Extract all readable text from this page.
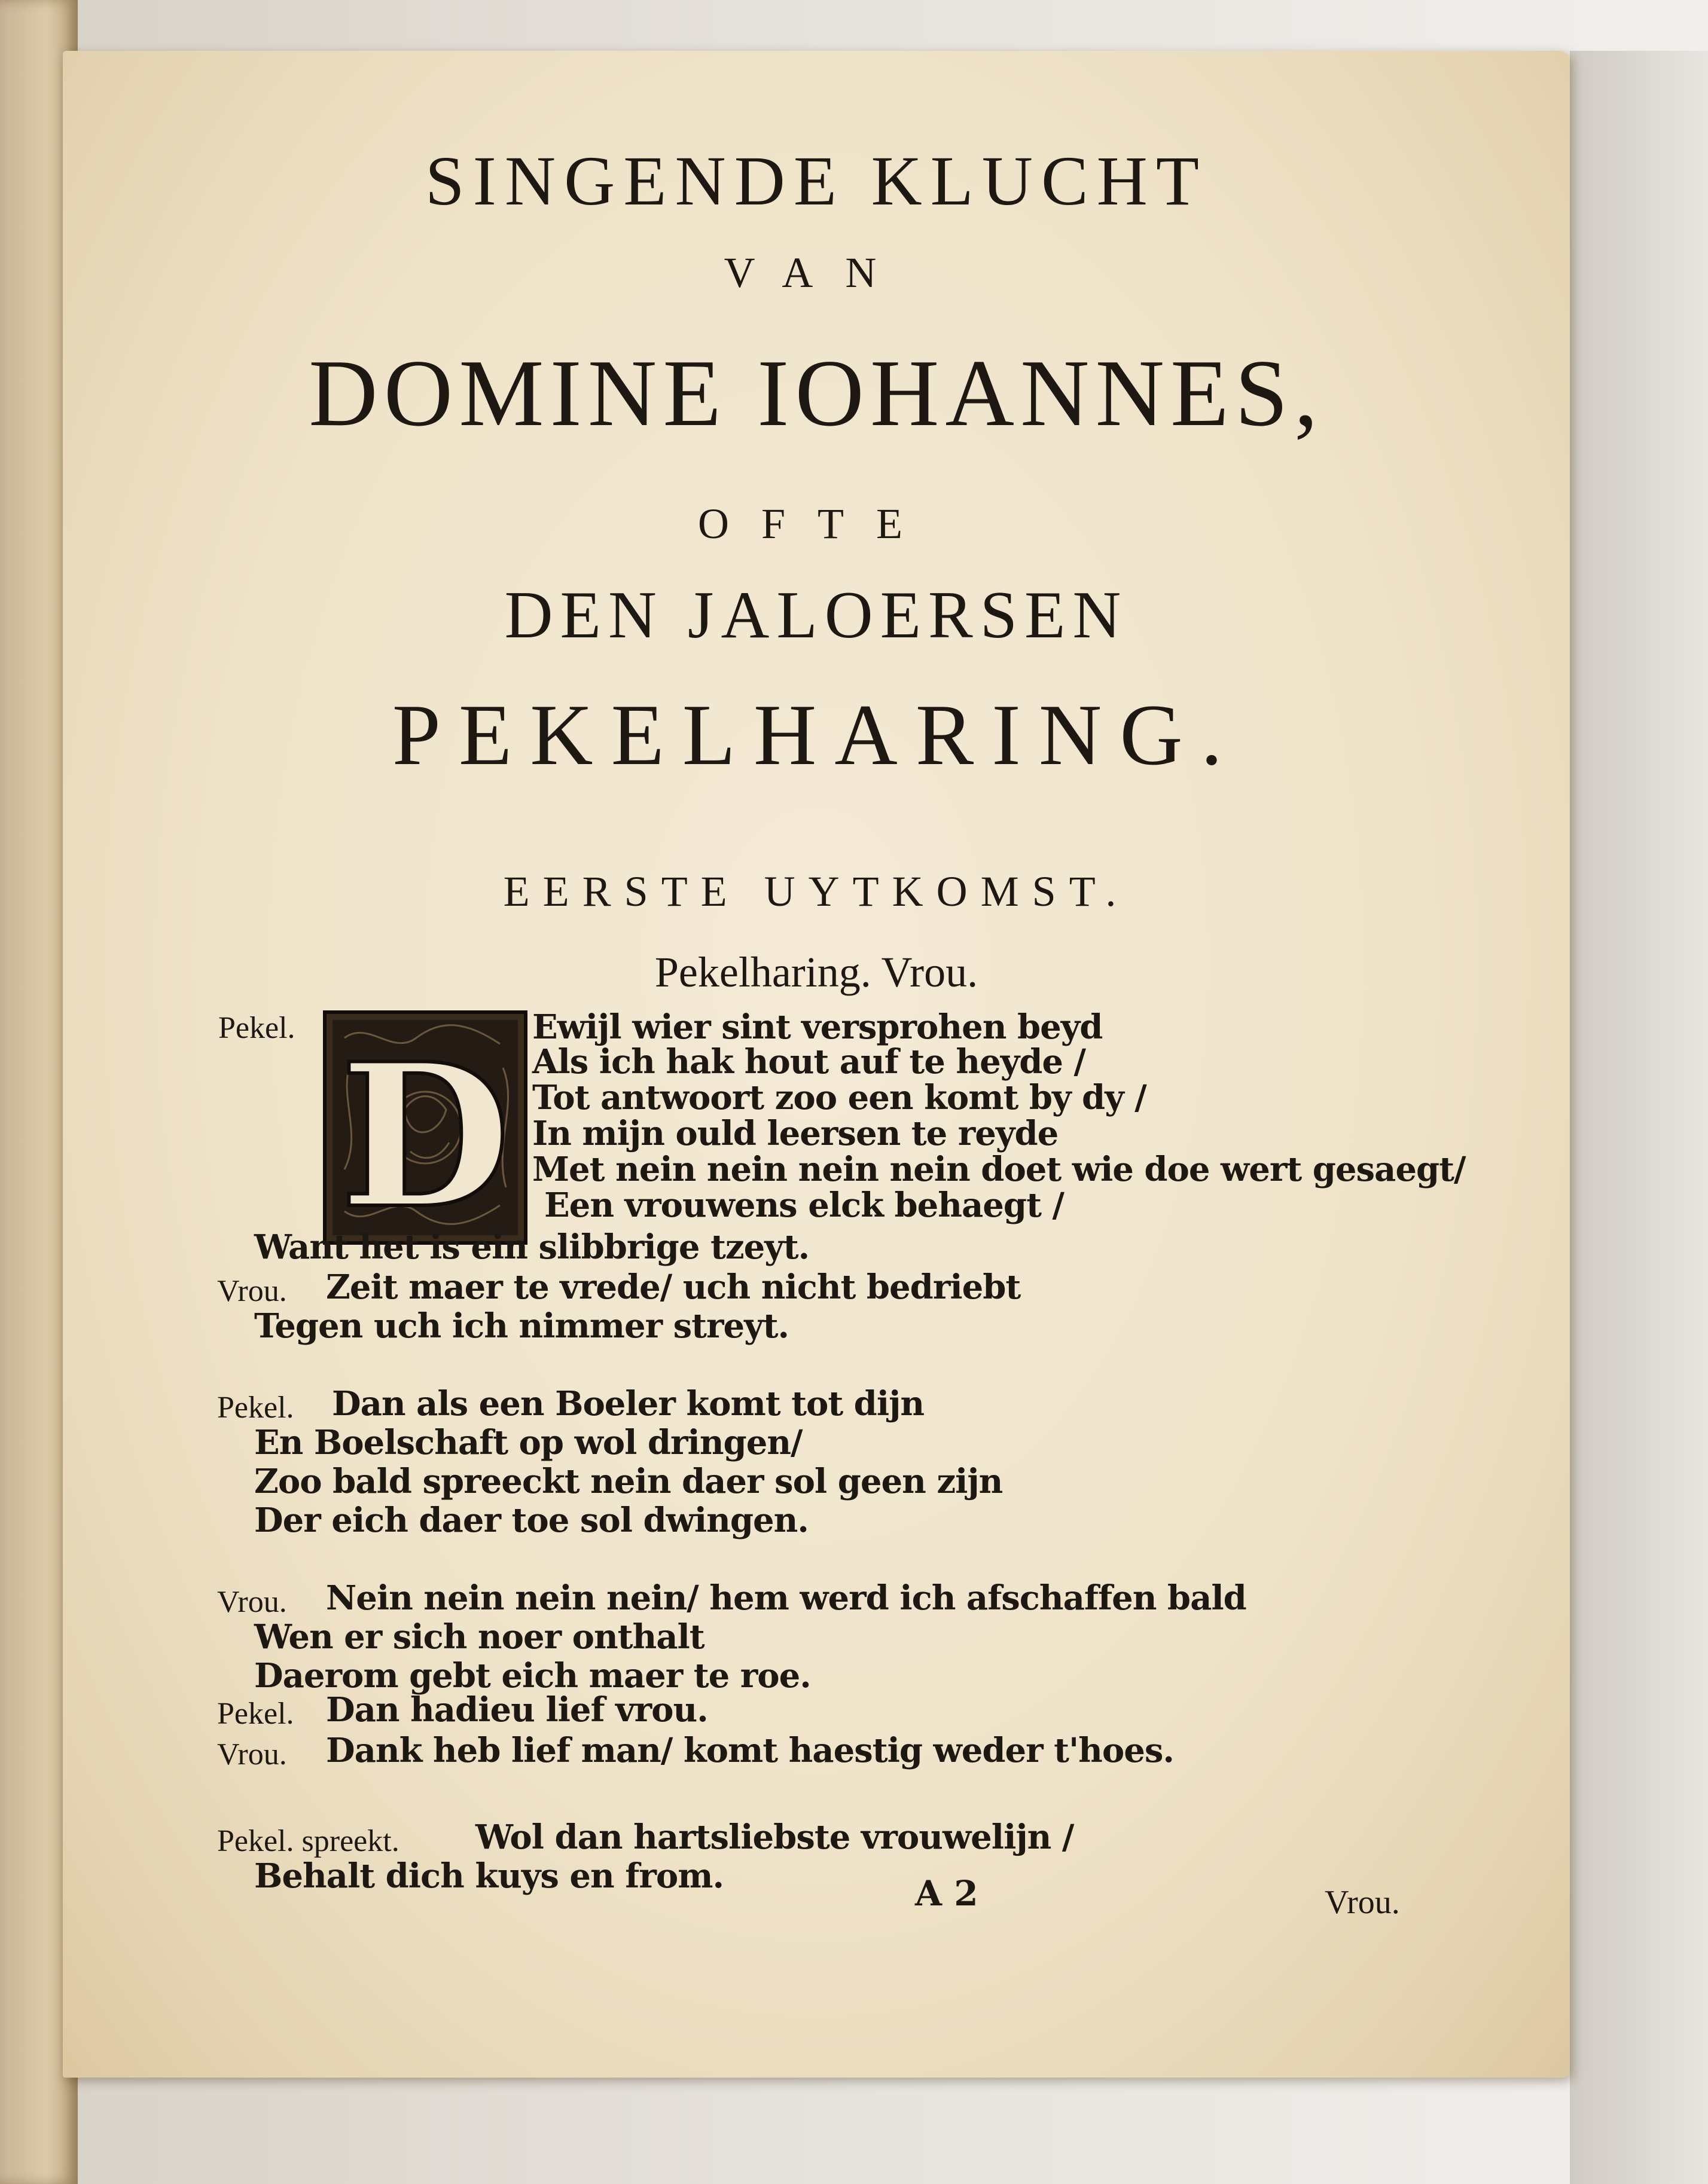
SINGENDE KLUCHT
VAN
DOMINE IOHANNES,
OFTE
DEN JALOERSEN
PEKELHARING.
EERSTE UYTKOMST.
Pekelharing. Vrou.
D
Pekel.	Ewijl wier sint versprohen beyd
Als ich hak hout auf te heyde /
Tot antwoort zoo een komt by dy /
In mijn ould leersen te reyde
Met nein nein nein nein doet wie doe wert gesaegt/
Een vrouwens elck behaegt /
Want het is ein slibbrige tzeyt.
Vrou. Zeit maer te vrede/ uch nicht bedriebt
Tegen uch ich nimmer streyt.
Pekel. Dan als een Boeler komt tot dijn
En Boelschaft op wol dringen/
Zoo bald spreeckt nein daer sol geen zijn
Der eich daer toe sol dwingen.
Vrou. Nein nein nein nein/ hem werd ich afschaffen bald
Wen er sich noer onthalt
Daerom gebt eich maer te roe.
Pekel. Dan hadieu lief vrou.
Vrou. Dank heb lief man/ komt haestig weder t'hoes.
Pekel. spreekt. Wol dan hartsliebste vrouwelijn /
Behalt dich kuys en from.	A 2	Vrou.
